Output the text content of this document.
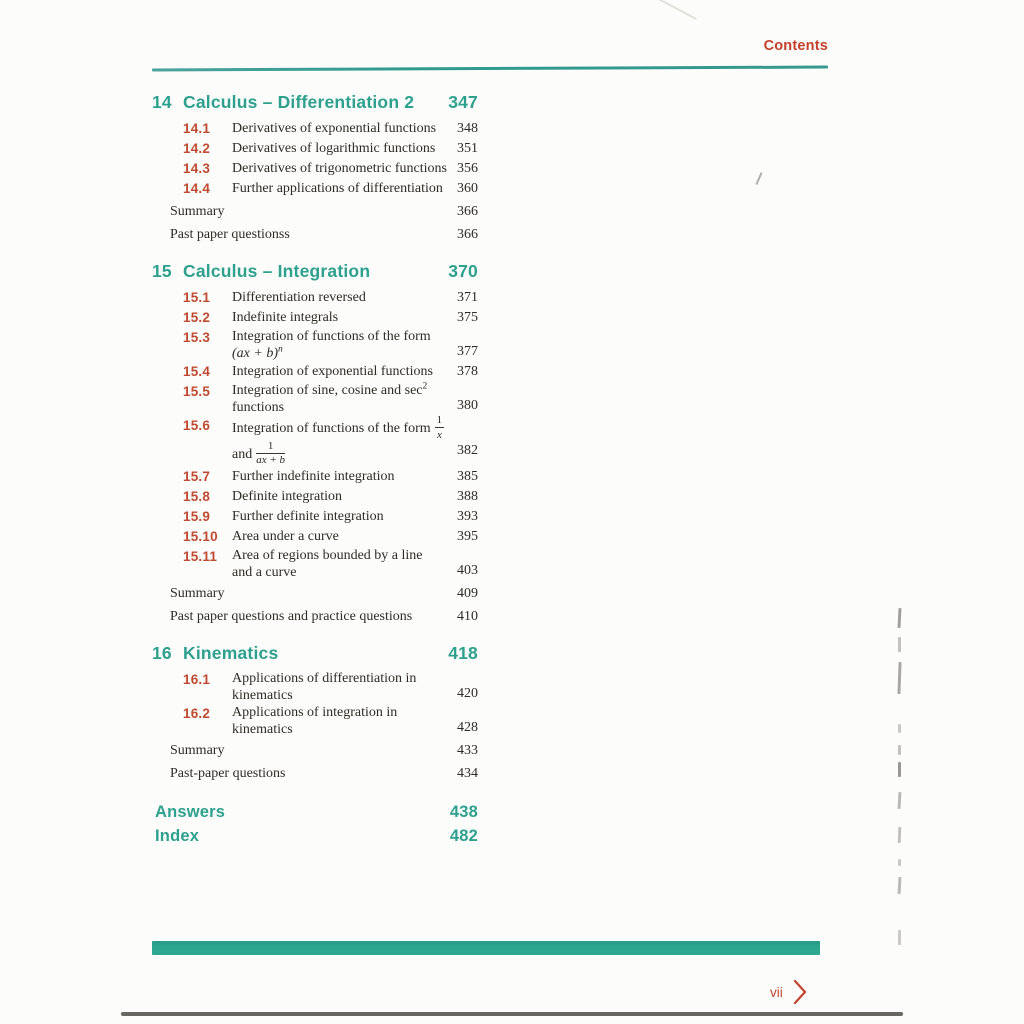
Contents
14 Calculus – Differentiation 2	347
14.1	Derivatives of exponential functions	348
14.2	Derivatives of logarithmic functions	351
14.3	Derivatives of trigonometric functions 356
14.4	Further applications of differentiation	360
Summary	366
Past paper questionss	366
15 Calculus – Integration	370
15.1	Differentiation reversed	371
15.2	Indefinite integrals	375
15.3	Integration of functions of the form
(ax + b)$^n$	377
15.4	Integration of exponential functions	378
15.5	Integration of sine, cosine and $\sec^2$
functions	380
15.6	Integration of functions of the form $\frac{1}{x}$
and $\frac{1}{ax + b}$	382
15.7	Further indefinite integration	385
15.8	Definite integration	388
15.9	Further definite integration	393
15.10	Area under a curve	395
15.11	Area of regions bounded by a line
and a curve	403
Summary	409
Past paper questions and practice questions	410
16 Kinematics	418
16.1	Applications of differentiation in
kinematics	420
16.2	Applications of integration in
kinematics	428
Summary	433
Past-paper questions	434
Answers	438
Index	482
vii
